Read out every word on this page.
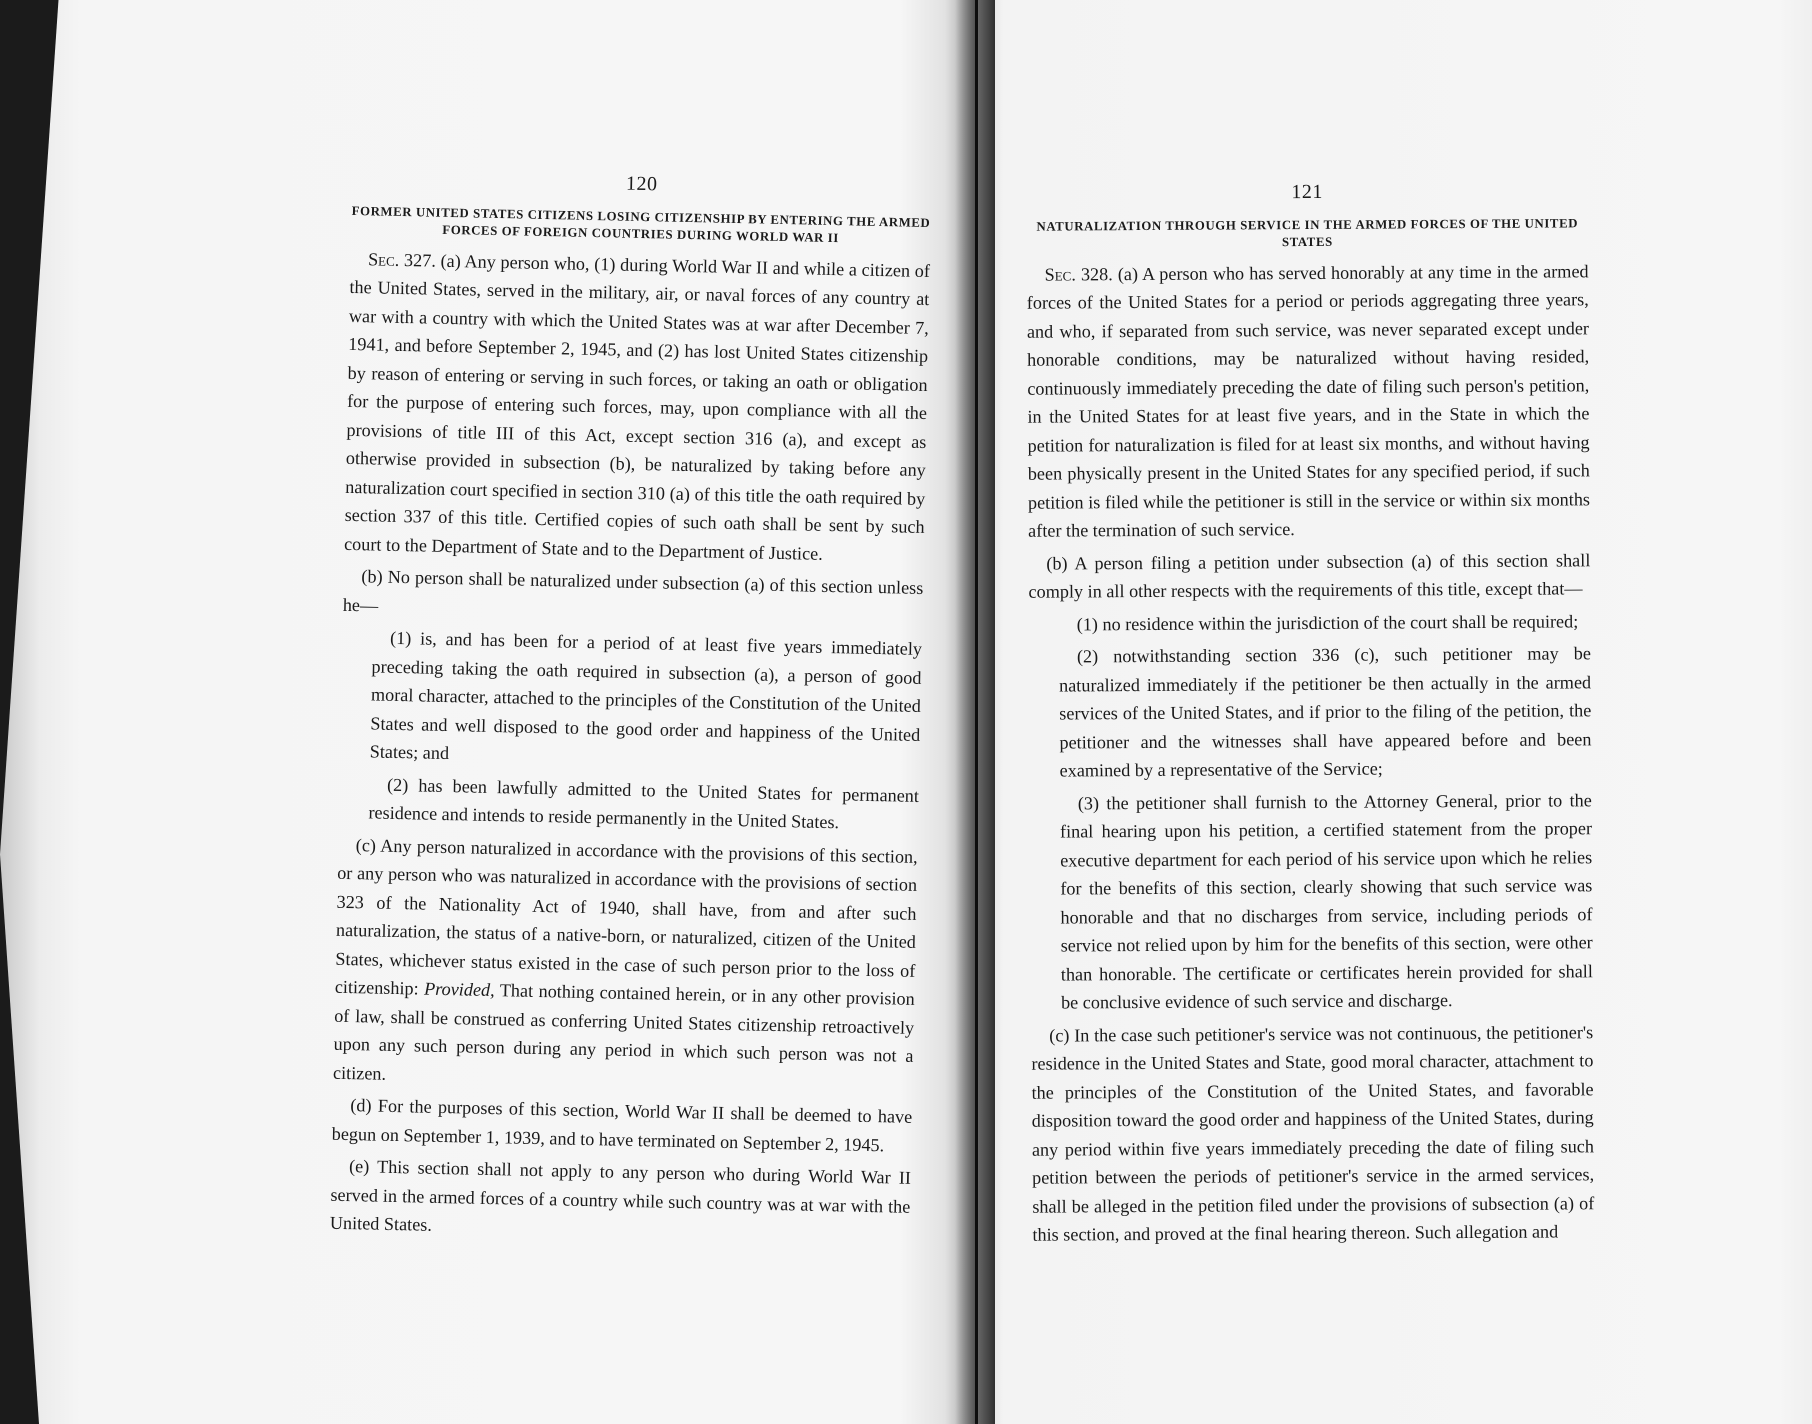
120
FORMER UNITED STATES CITIZENS LOSING CITIZENSHIP BY ENTERING THE ARMED FORCES OF FOREIGN COUNTRIES DURING WORLD WAR II

Sec. 327. (a) Any person who, (1) during World War II and while a citizen of the United States, served in the military, air, or naval forces of any country at war with a country with which the United States was at war after December 7, 1941, and before September 2, 1945, and (2) has lost United States citizenship by reason of entering or serving in such forces, or taking an oath or obligation for the purpose of entering such forces, may, upon compliance with all the provisions of title III of this Act, except section 316 (a), and except as otherwise provided in subsection (b), be naturalized by taking before any naturalization court specified in section 310 (a) of this title the oath required by section 337 of this title. Certified copies of such oath shall be sent by such court to the Department of State and to the Department of Justice.

(b) No person shall be naturalized under subsection (a) of this section unless he—

(1) is, and has been for a period of at least five years immediately preceding taking the oath required in subsection (a), a person of good moral character, attached to the principles of the Constitution of the United States and well disposed to the good order and happiness of the United States; and

(2) has been lawfully admitted to the United States for permanent residence and intends to reside permanently in the United States.

(c) Any person naturalized in accordance with the provisions of this section, or any person who was naturalized in accordance with the provisions of section 323 of the Nationality Act of 1940, shall have, from and after such naturalization, the status of a native-born, or naturalized, citizen of the United States, whichever status existed in the case of such person prior to the loss of citizenship: Provided, That nothing contained herein, or in any other provision of law, shall be construed as conferring United States citizenship retroactively upon any such person during any period in which such person was not a citizen.

(d) For the purposes of this section, World War II shall be deemed to have begun on September 1, 1939, and to have terminated on September 2, 1945.

(e) This section shall not apply to any person who during World War II served in the armed forces of a country while such country was at war with the United States.

121
NATURALIZATION THROUGH SERVICE IN THE ARMED FORCES OF THE UNITED STATES

Sec. 328. (a) A person who has served honorably at any time in the armed forces of the United States for a period or periods aggregating three years, and who, if separated from such service, was never separated except under honorable conditions, may be naturalized without having resided, continuously immediately preceding the date of filing such person's petition, in the United States for at least five years, and in the State in which the petition for naturalization is filed for at least six months, and without having been physically present in the United States for any specified period, if such petition is filed while the petitioner is still in the service or within six months after the termination of such service.

(b) A person filing a petition under subsection (a) of this section shall comply in all other respects with the requirements of this title, except that—

(1) no residence within the jurisdiction of the court shall be required;

(2) notwithstanding section 336 (c), such petitioner may be naturalized immediately if the petitioner be then actually in the armed services of the United States, and if prior to the filing of the petition, the petitioner and the witnesses shall have appeared before and been examined by a representative of the Service;

(3) the petitioner shall furnish to the Attorney General, prior to the final hearing upon his petition, a certified statement from the proper executive department for each period of his service upon which he relies for the benefits of this section, clearly showing that such service was honorable and that no discharges from service, including periods of service not relied upon by him for the benefits of this section, were other than honorable. The certificate or certificates herein provided for shall be conclusive evidence of such service and discharge.

(c) In the case such petitioner's service was not continuous, the petitioner's residence in the United States and State, good moral character, attachment to the principles of the Constitution of the United States, and favorable disposition toward the good order and happiness of the United States, during any period within five years immediately preceding the date of filing such petition between the periods of petitioner's service in the armed services, shall be alleged in the petition filed under the provisions of subsection (a) of this section, and proved at the final hearing thereon. Such allegation and
